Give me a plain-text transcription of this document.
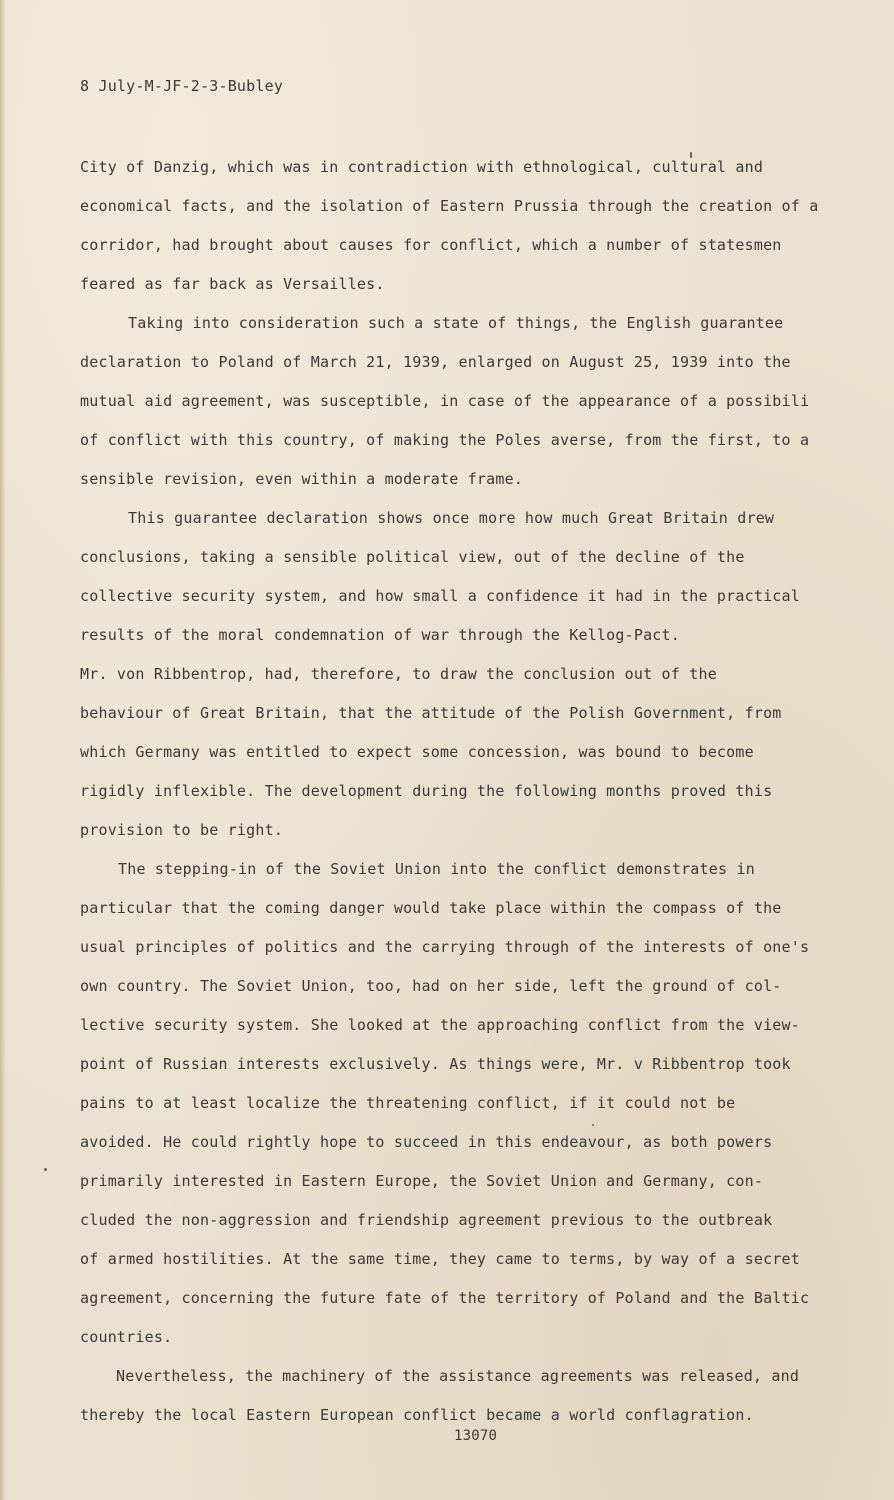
8 July-M-JF-2-3-Bubley
City of Danzig, which was in contradiction with ethnological, cultural and
economical facts, and the isolation of Eastern Prussia through the creation of a
corridor, had brought about causes for conflict, which a number of statesmen
feared as far back as Versailles.
Taking into consideration such a state of things, the English guarantee
declaration to Poland of March 21, 1939, enlarged on August 25, 1939 into the
mutual aid agreement, was susceptible, in case of the appearance of a possibili
of conflict with this country, of making the Poles averse, from the first, to a
sensible revision, even within a moderate frame.
This guarantee declaration shows once more how much Great Britain drew
conclusions, taking a sensible political view, out of the decline of the
collective security system, and how small a confidence it had in the practical
results of the moral condemnation of war through the Kellog-Pact.
Mr. von Ribbentrop, had, therefore, to draw the conclusion out of the
behaviour of Great Britain, that the attitude of the Polish Government, from
which Germany was entitled to expect some concession, was bound to become
rigidly inflexible. The development during the following months proved this
provision to be right.
The stepping-in of the Soviet Union into the conflict demonstrates in
particular that the coming danger would take place within the compass of the
usual principles of politics and the carrying through of the interests of one's
own country. The Soviet Union, too, had on her side, left the ground of col-
lective security system. She looked at the approaching conflict from the view-
point of Russian interests exclusively. As things were, Mr. v Ribbentrop took
pains to at least localize the threatening conflict, if it could not be
avoided. He could rightly hope to succeed in this endeavour, as both powers
primarily interested in Eastern Europe, the Soviet Union and Germany, con-
cluded the non-aggression and friendship agreement previous to the outbreak
of armed hostilities. At the same time, they came to terms, by way of a secret
agreement, concerning the future fate of the territory of Poland and the Baltic
countries.
Nevertheless, the machinery of the assistance agreements was released, and
thereby the local Eastern European conflict became a world conflagration.
13070
